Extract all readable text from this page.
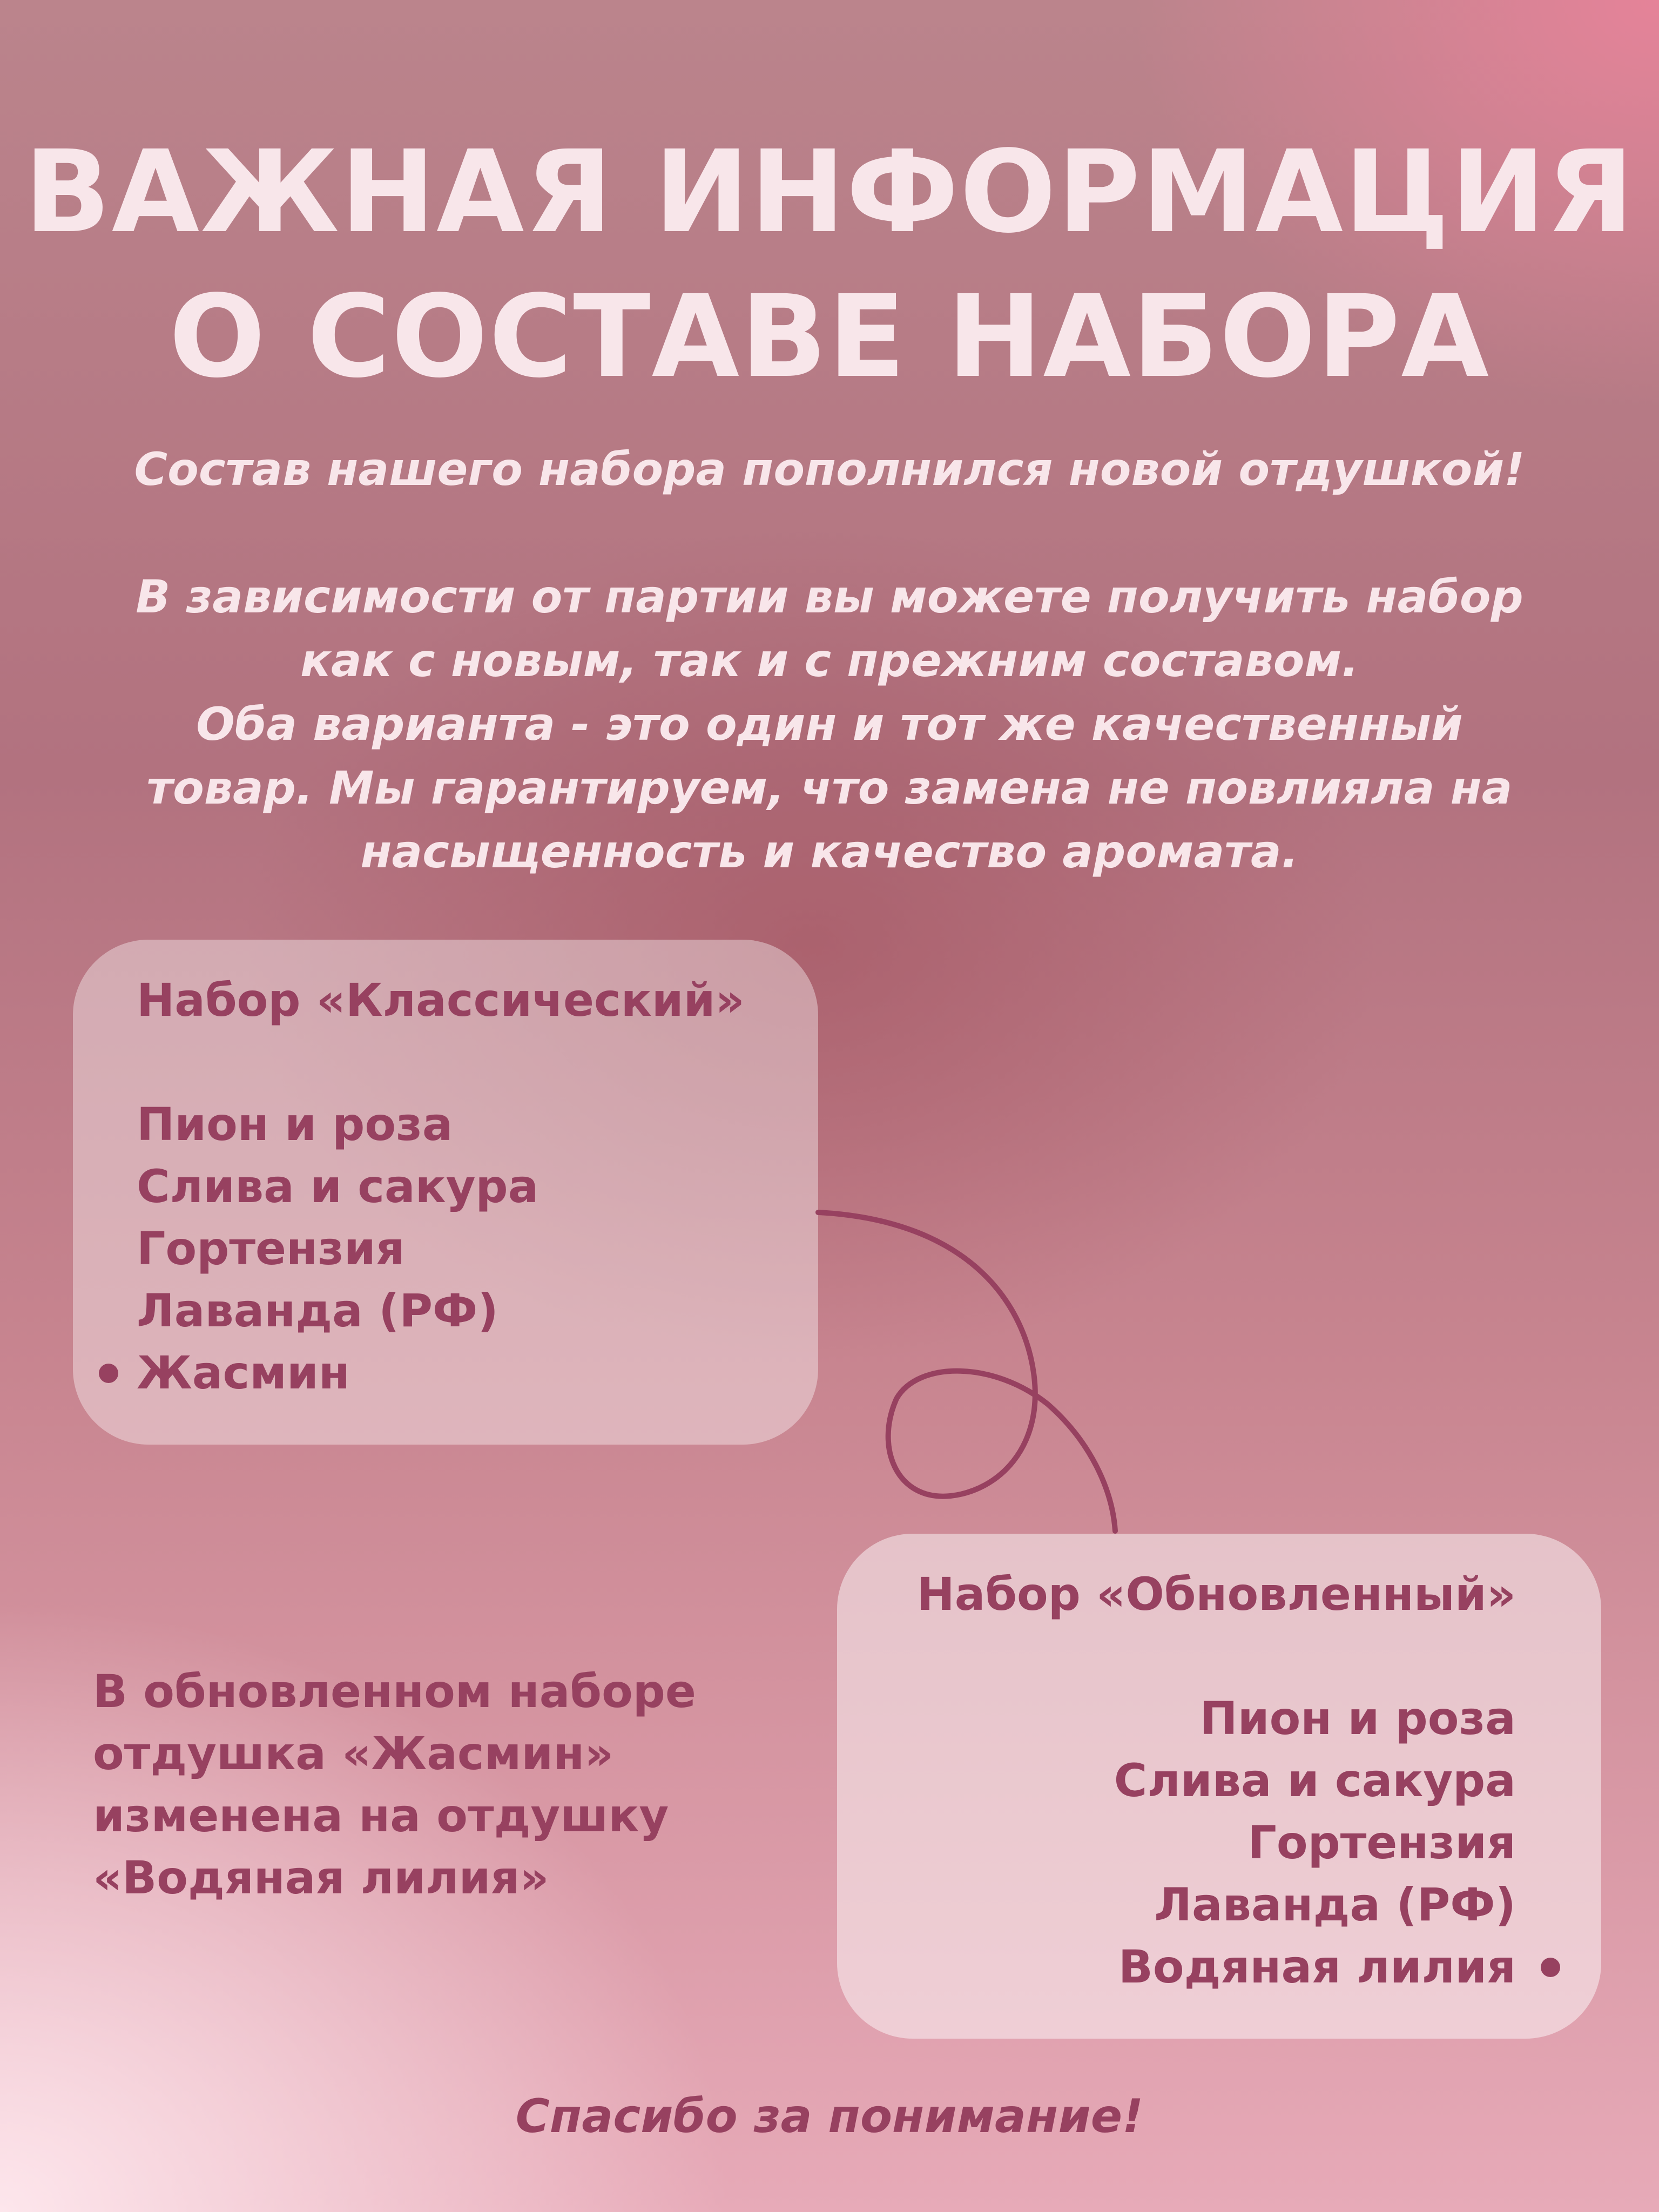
ВАЖНАЯ ИНФОРМАЦИЯ
О СОСТАВЕ НАБОРА

Состав нашего набора пополнился новой отдушкой!

В зависимости от партии вы можете получить набор
как с новым, так и с прежним составом.
Оба варианта - это один и тот же качественный
товар. Мы гарантируем, что замена не повлияла на
насыщенность и качество аромата.

Набор «Классический»
Пион и роза
Слива и сакура
Гортензия
Лаванда (РФ)
Жасмин
Набор «Обновленный»
Пион и роза
Слива и сакура
Гортензия
Лаванда (РФ)
Водяная лилия

В обновленном наборе
отдушка «Жасмин»
изменена на отдушку
«Водяная лилия»

Спасибо за понимание!
